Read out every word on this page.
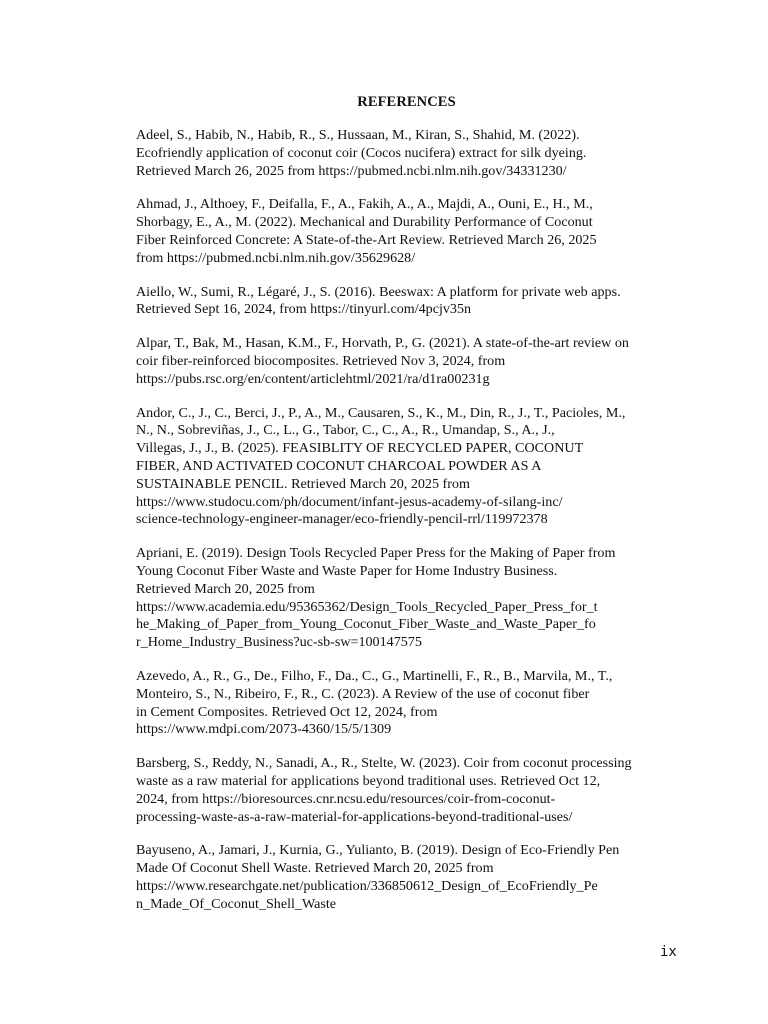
REFERENCES
Adeel, S., Habib, N., Habib, R., S., Hussaan, M., Kiran, S., Shahid, M. (2022).
Ecofriendly application of coconut coir (Cocos nucifera) extract for silk dyeing.
Retrieved March 26, 2025 from https://pubmed.ncbi.nlm.nih.gov/34331230/
Ahmad, J., Althoey, F., Deifalla, F., A., Fakih, A., A., Majdi, A., Ouni, E., H., M.,
Shorbagy, E., A., M. (2022). Mechanical and Durability Performance of Coconut
Fiber Reinforced Concrete: A State-of-the-Art Review. Retrieved March 26, 2025
from https://pubmed.ncbi.nlm.nih.gov/35629628/
Aiello, W., Sumi, R., Légaré, J., S. (2016). Beeswax: A platform for private web apps.
Retrieved Sept 16, 2024, from https://tinyurl.com/4pcjv35n
Alpar, T., Bak, M., Hasan, K.M., F., Horvath, P., G. (2021). A state-of-the-art review on
coir fiber-reinforced biocomposites. Retrieved Nov 3, 2024, from
https://pubs.rsc.org/en/content/articlehtml/2021/ra/d1ra00231g
Andor, C., J., C., Berci, J., P., A., M., Causaren, S., K., M., Din, R., J., T., Pacioles, M.,
N., N., Sobreviñas, J., C., L., G., Tabor, C., C., A., R., Umandap, S., A., J.,
Villegas, J., J., B. (2025). FEASIBLITY OF RECYCLED PAPER, COCONUT
FIBER, AND ACTIVATED COCONUT CHARCOAL POWDER AS A
SUSTAINABLE PENCIL. Retrieved March 20, 2025 from
https://www.studocu.com/ph/document/infant-jesus-academy-of-silang-inc/
science-technology-engineer-manager/eco-friendly-pencil-rrl/119972378
Apriani, E. (2019). Design Tools Recycled Paper Press for the Making of Paper from
Young Coconut Fiber Waste and Waste Paper for Home Industry Business.
Retrieved March 20, 2025 from
https://www.academia.edu/95365362/Design_Tools_Recycled_Paper_Press_for_t
he_Making_of_Paper_from_Young_Coconut_Fiber_Waste_and_Waste_Paper_fo
r_Home_Industry_Business?uc-sb-sw=100147575
Azevedo, A., R., G., De., Filho, F., Da., C., G., Martinelli, F., R., B., Marvila, M., T.,
Monteiro, S., N., Ribeiro, F., R., C. (2023). A Review of the use of coconut fiber
in Cement Composites. Retrieved Oct 12, 2024, from
https://www.mdpi.com/2073-4360/15/5/1309
Barsberg, S., Reddy, N., Sanadi, A., R., Stelte, W. (2023). Coir from coconut processing
waste as a raw material for applications beyond traditional uses. Retrieved Oct 12,
2024, from https://bioresources.cnr.ncsu.edu/resources/coir-from-coconut-
processing-waste-as-a-raw-material-for-applications-beyond-traditional-uses/
Bayuseno, A., Jamari, J., Kurnia, G., Yulianto, B. (2019). Design of Eco-Friendly Pen
Made Of Coconut Shell Waste. Retrieved March 20, 2025 from
https://www.researchgate.net/publication/336850612_Design_of_EcoFriendly_Pe
n_Made_Of_Coconut_Shell_Waste
ix
